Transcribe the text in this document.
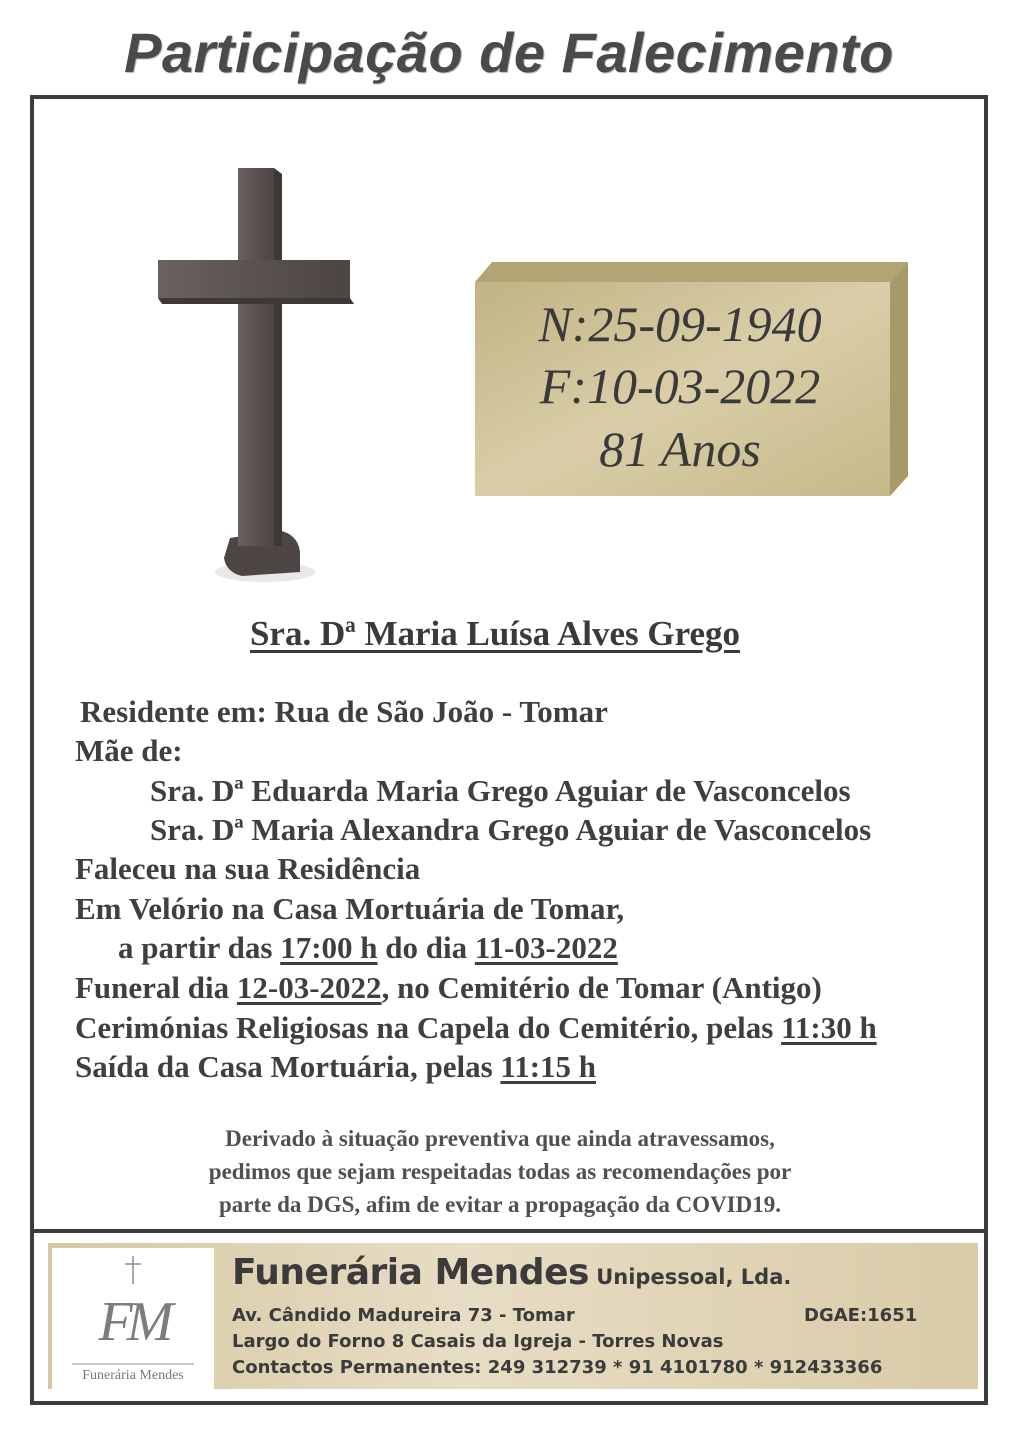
Participação de Falecimento
N:25-09-1940
F:10-03-2022
81 Anos
Sra. Dª Maria Luísa Alves Grego
Residente em: Rua de São João - Tomar
Mãe de:
Sra. Dª Eduarda Maria Grego Aguiar de Vasconcelos
Sra. Dª Maria Alexandra Grego Aguiar de Vasconcelos
Faleceu na sua Residência
Em Velório na Casa Mortuária de Tomar,
a partir das 17:00 h do dia 11-03-2022
Funeral dia 12-03-2022, no Cemitério de Tomar (Antigo)
Cerimónias Religiosas na Capela do Cemitério, pelas 11:30 h
Saída da Casa Mortuária, pelas 11:15 h
Derivado à situação preventiva que ainda atravessamos,
pedimos que sejam respeitadas todas as recomendações por
parte da DGS, afim de evitar a propagação da COVID19.
FM
Funerária Mendes
Funerária Mendes Unipessoal, Lda.
Av. Cândido Madureira 73 - Tomar	DGAE:1651
Largo do Forno 8 Casais da Igreja - Torres Novas
Contactos Permanentes: 249 312739 * 91 4101780 * 912433366
